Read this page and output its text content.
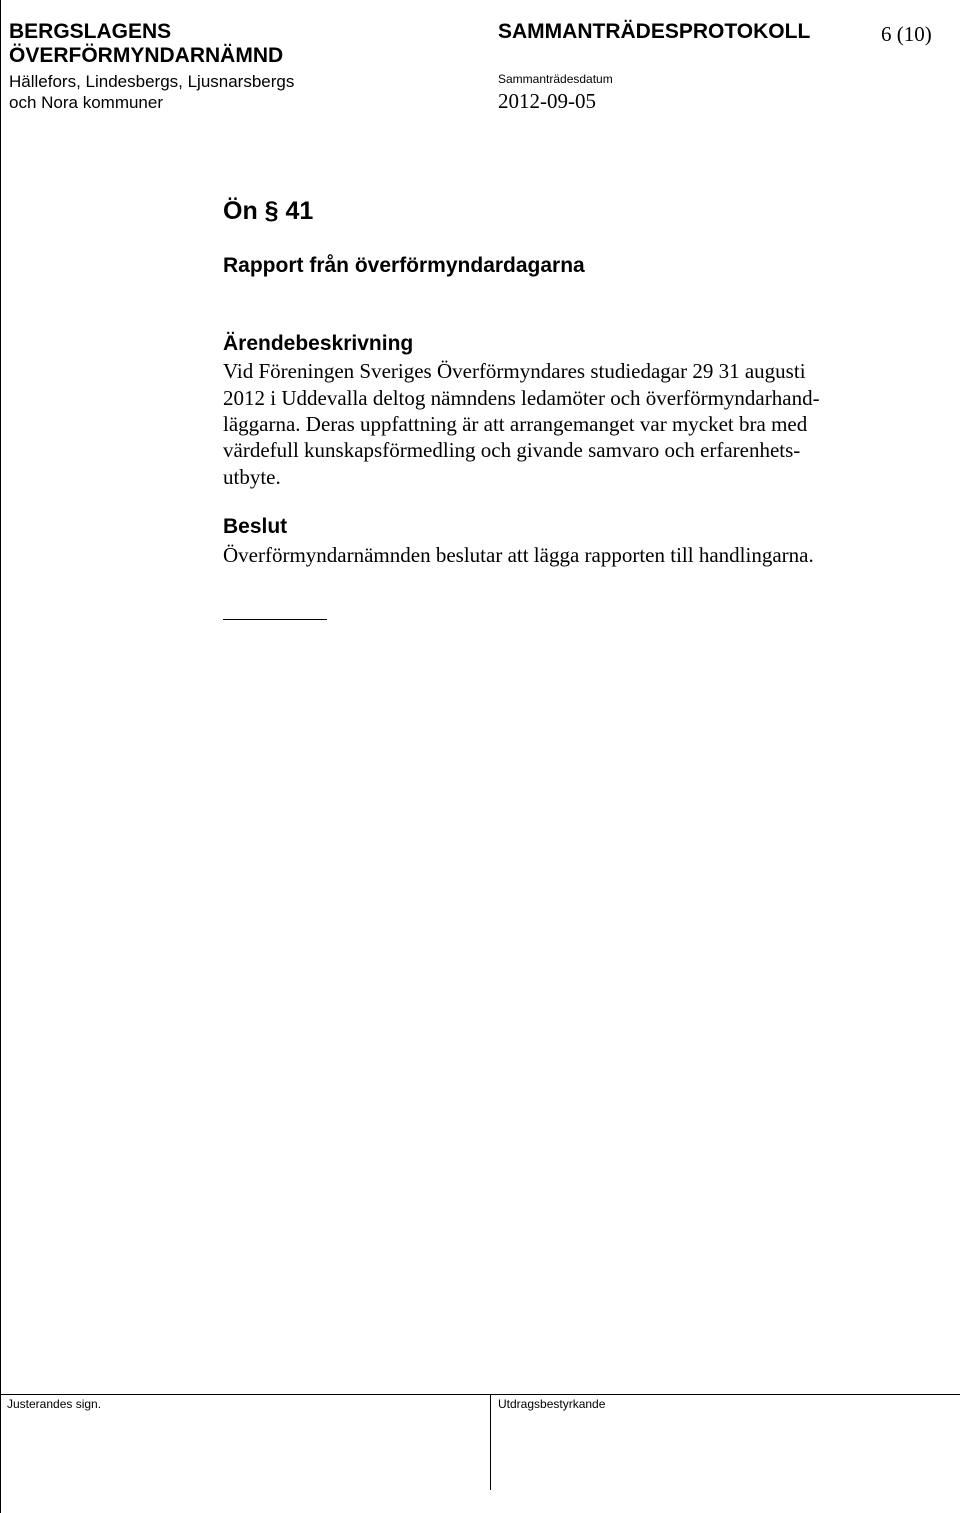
BERGSLAGENS
ÖVERFÖRMYNDARNÄMND
Hällefors, Lindesbergs, Ljusnarsbergs
och Nora kommuner
SAMMANTRÄDESPROTOKOLL	6 (10)
Sammanträdesdatum
2012-09-05
Ön § 41
Rapport från överförmyndardagarna
Ärendebeskrivning
Vid Föreningen Sveriges Överförmyndares studiedagar 29 31 augusti
2012 i Uddevalla deltog nämndens ledamöter och överförmyndarhand-
läggarna. Deras uppfattning är att arrangemanget var mycket bra med
värdefull kunskapsförmedling och givande samvaro och erfarenhets-
utbyte.
Beslut
Överförmyndarnämnden beslutar att lägga rapporten till handlingarna.
Justerandes sign.	Utdragsbestyrkande
